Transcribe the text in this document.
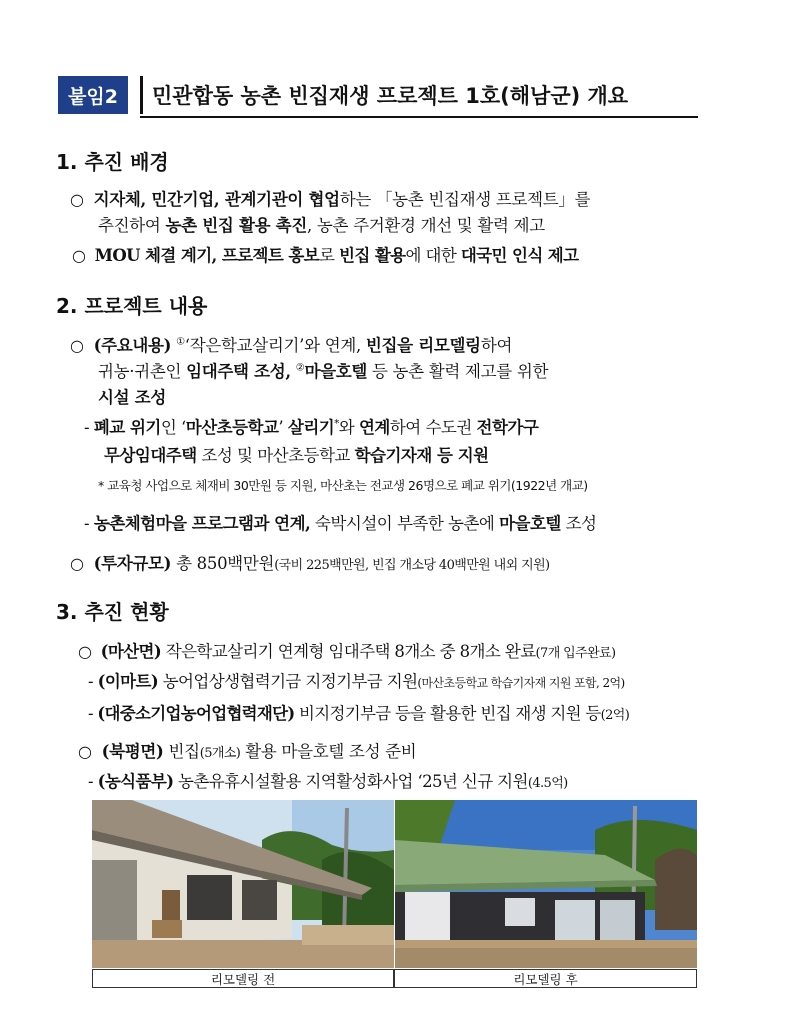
붙임2	민관합동 농촌 빈집재생 프로젝트 1호(해남군) 개요
1. 추진 배경
○ 지자체, 민간기업, 관계기관이 협업하는 「농촌 빈집재생 프로젝트」를
추진하여 농촌 빈집 활용 촉진, 농촌 주거환경 개선 및 활력 제고
○ MOU 체결 계기, 프로젝트 홍보로 빈집 활용에 대한 대국민 인식 제고
2. 프로젝트 내용
○ (주요내용) ①‘작은학교살리기’와 연계, 빈집을 리모델링하여
귀농·귀촌인 임대주택 조성, ②마을호텔 등 농촌 활력 제고를 위한
시설 조성
- 폐교 위기인 ‘마산초등학교’ 살리기*와 연계하여 수도권 전학가구
무상임대주택 조성 및 마산초등학교 학습기자재 등 지원
* 교육청 사업으로 체재비 30만원 등 지원, 마산초는 전교생 26명으로 폐교 위기(1922년 개교)
- 농촌체험마을 프로그램과 연계, 숙박시설이 부족한 농촌에 마을호텔 조성
○ (투자규모) 총 850백만원(국비 225백만원, 빈집 개소당 40백만원 내외 지원)
3. 추진 현황
○ (마산면) 작은학교살리기 연계형 임대주택 8개소 중 8개소 완료(7개 입주완료)
- (이마트) 농어업상생협력기금 지정기부금 지원(마산초등학교 학습기자재 지원 포함, 2억)
- (대중소기업농어업협력재단) 비지정기부금 등을 활용한 빈집 재생 지원 등(2억)
○ (북평면) 빈집(5개소) 활용 마을호텔 조성 준비
- (농식품부) 농촌유휴시설활용 지역활성화사업 ‘25년 신규 지원(4.5억)
리모델링 전	리모델링 후
